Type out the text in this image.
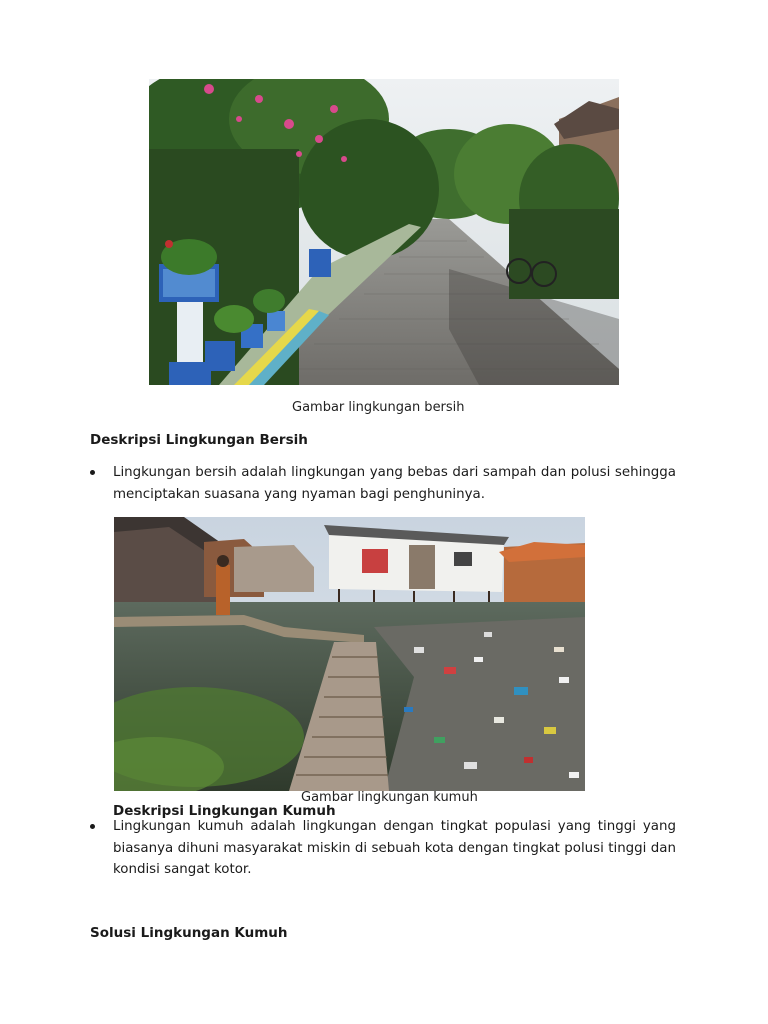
Gambar lingkungan bersih
Deskripsi Lingkungan Bersih
Lingkungan bersih adalah lingkungan yang bebas dari sampah dan polusi sehingga menciptakan suasana yang nyaman bagi penghuninya.
Gambar lingkungan kumuh
Deskripsi Lingkungan Kumuh
Lingkungan kumuh adalah lingkungan dengan tingkat populasi yang tinggi yang biasanya dihuni masyarakat miskin di sebuah kota dengan tingkat polusi tinggi dan kondisi sangat kotor.
Solusi Lingkungan Kumuh
